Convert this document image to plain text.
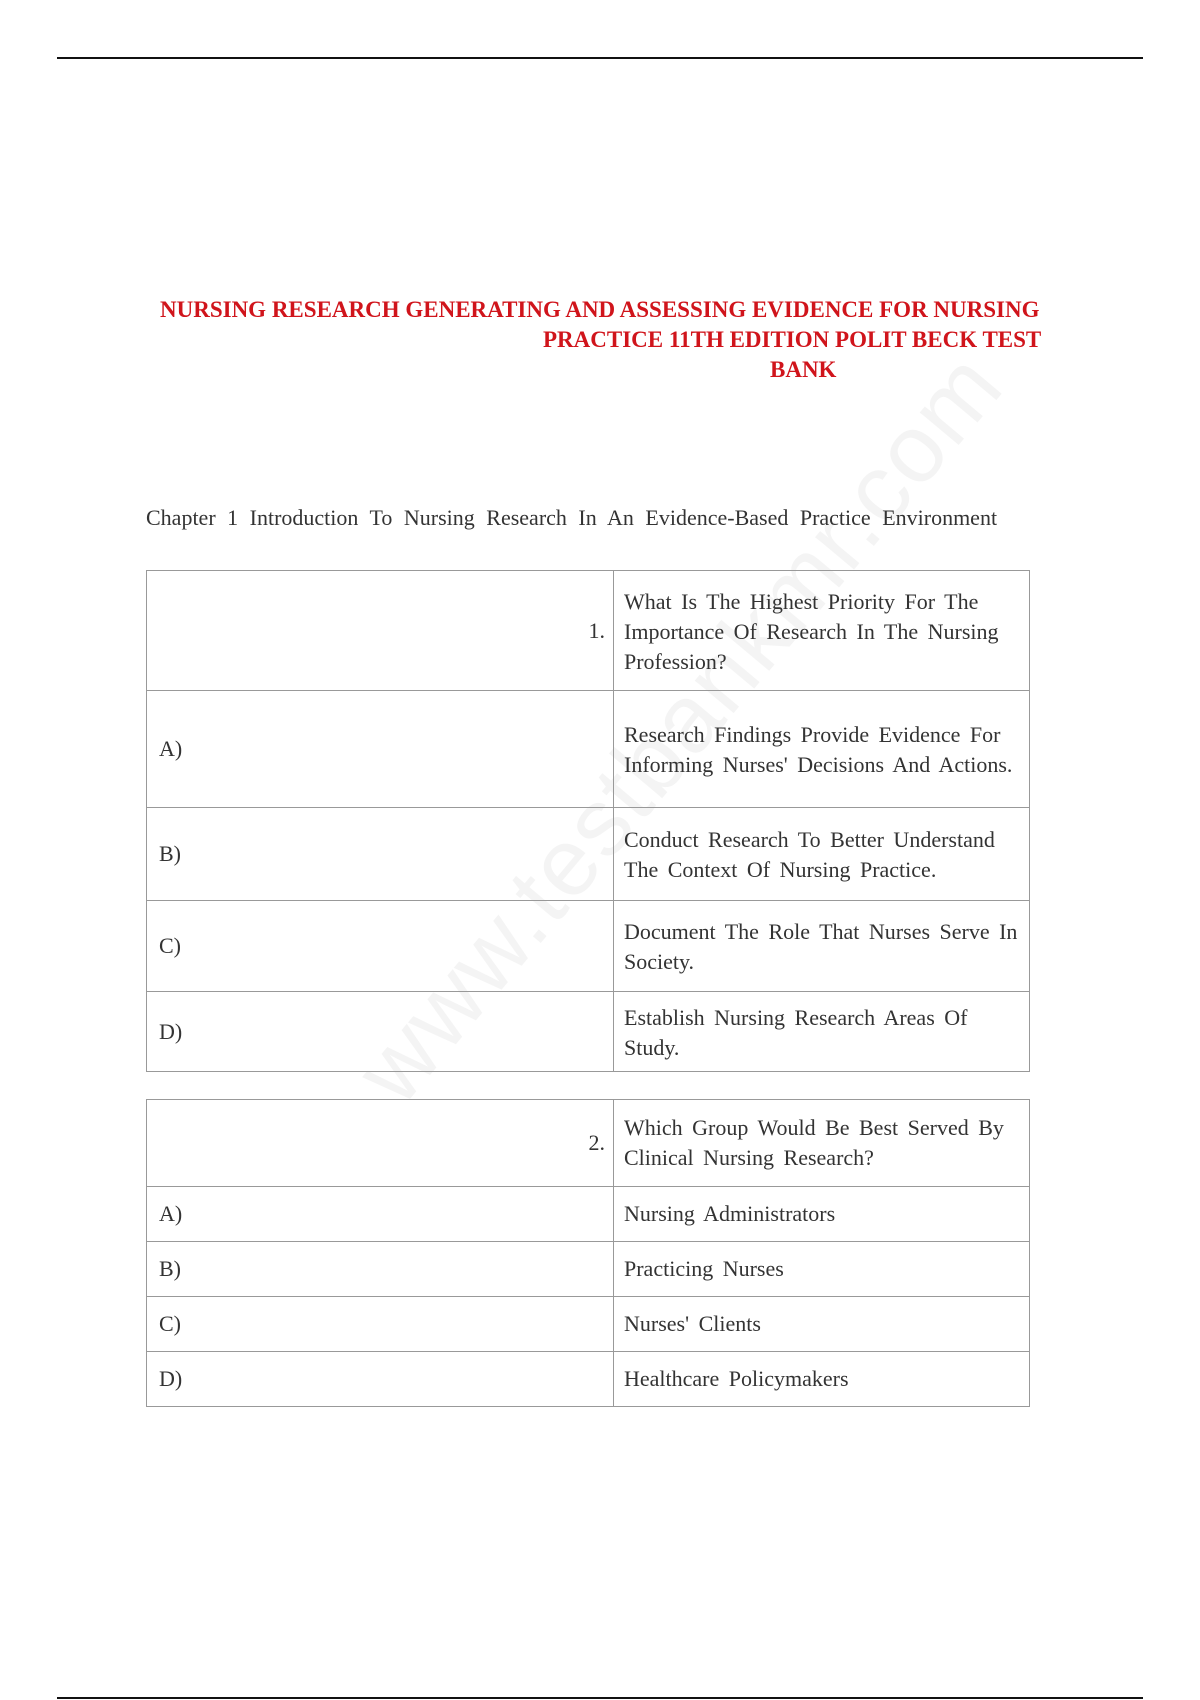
NURSING RESEARCH GENERATING AND ASSESSING EVIDENCE FOR NURSING
PRACTICE 11TH EDITION POLIT BECK TEST
BANK
Chapter 1 Introduction To Nursing Research In An Evidence-Based Practice Environment
1.	What Is The Highest Priority For The Importance Of Research In The Nursing Profession?
A)	Research Findings Provide Evidence For Informing Nurses' Decisions And Actions.
B)	Conduct Research To Better Understand The Context Of Nursing Practice.
C)	Document The Role That Nurses Serve In Society.
D)	Establish Nursing Research Areas Of Study.
2.	Which Group Would Be Best Served By Clinical Nursing Research?
A)	Nursing Administrators
B)	Practicing Nurses
C)	Nurses' Clients
D)	Healthcare Policymakers
